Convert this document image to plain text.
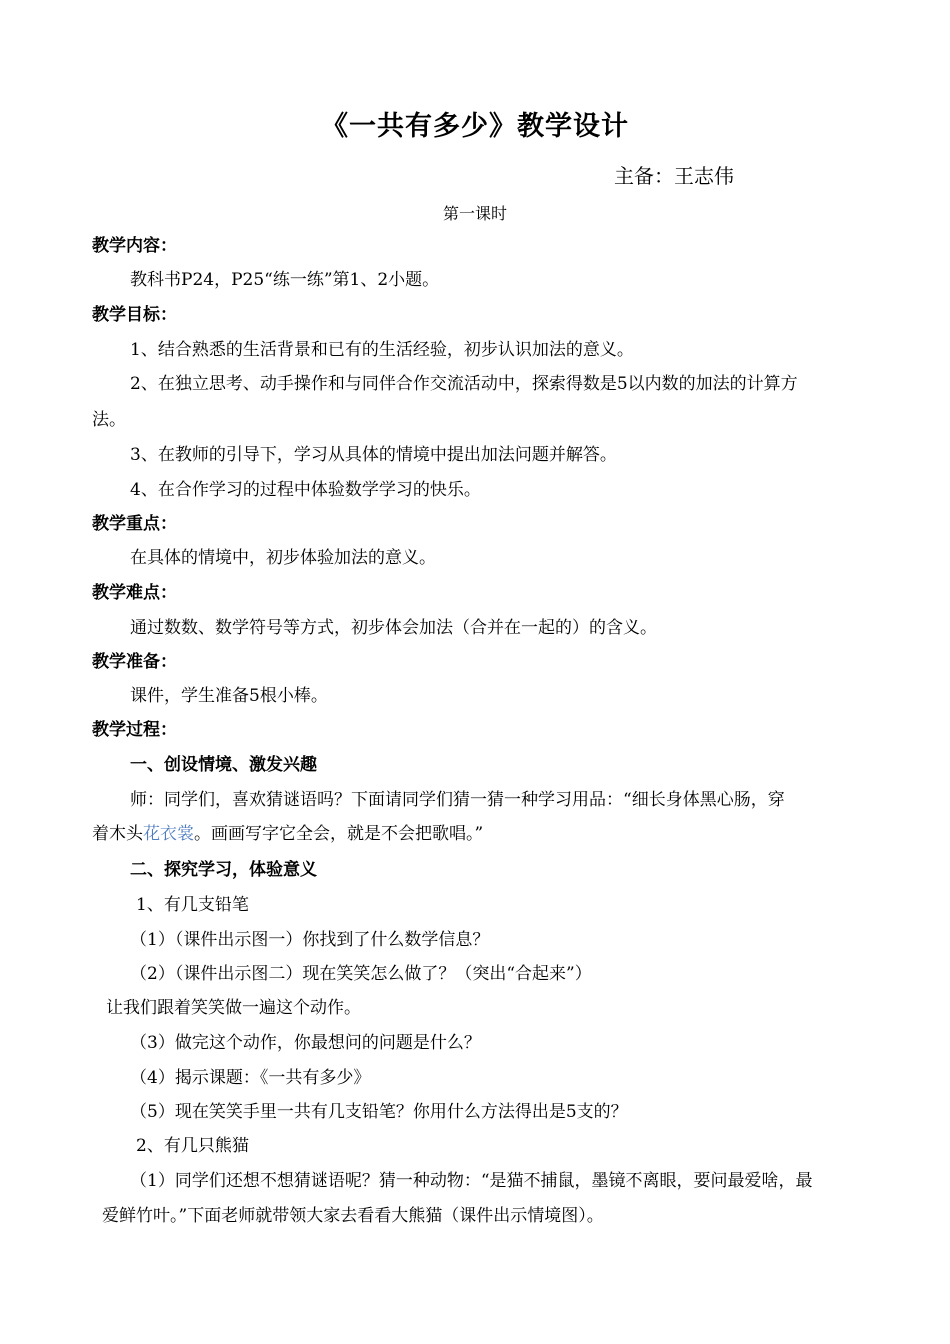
《一共有多少》教学设计
主备：王志伟
第一课时
教学内容：
教科书P24，P25“练一练”第1、2小题。
教学目标：
1、结合熟悉的生活背景和已有的生活经验，初步认识加法的意义。
2、在独立思考、动手操作和与同伴合作交流活动中，探索得数是5以内数的加法的计算方
法。
3、在教师的引导下，学习从具体的情境中提出加法问题并解答。
4、在合作学习的过程中体验数学学习的快乐。
教学重点：
在具体的情境中，初步体验加法的意义。
教学难点：
通过数数、数学符号等方式，初步体会加法（合并在一起的）的含义。
教学准备：
课件，学生准备5根小棒。
教学过程：
一、创设情境、激发兴趣
师：同学们，喜欢猜谜语吗？下面请同学们猜一猜一种学习用品：“细长身体黑心肠，穿
着木头花衣裳。画画写字它全会，就是不会把歌唱。”
二、探究学习，体验意义
1、有几支铅笔
（1）（课件出示图一）你找到了什么数学信息？
（2）（课件出示图二）现在笑笑怎么做了？（突出“合起来”）
让我们跟着笑笑做一遍这个动作。
（3）做完这个动作，你最想问的问题是什么？
（4）揭示课题：《一共有多少》
（5）现在笑笑手里一共有几支铅笔？你用什么方法得出是5支的？
2、有几只熊猫
（1）同学们还想不想猜谜语呢？猜一种动物：“是猫不捕鼠，墨镜不离眼，要问最爱啥，最
爱鲜竹叶。”下面老师就带领大家去看看大熊猫（课件出示情境图）。
